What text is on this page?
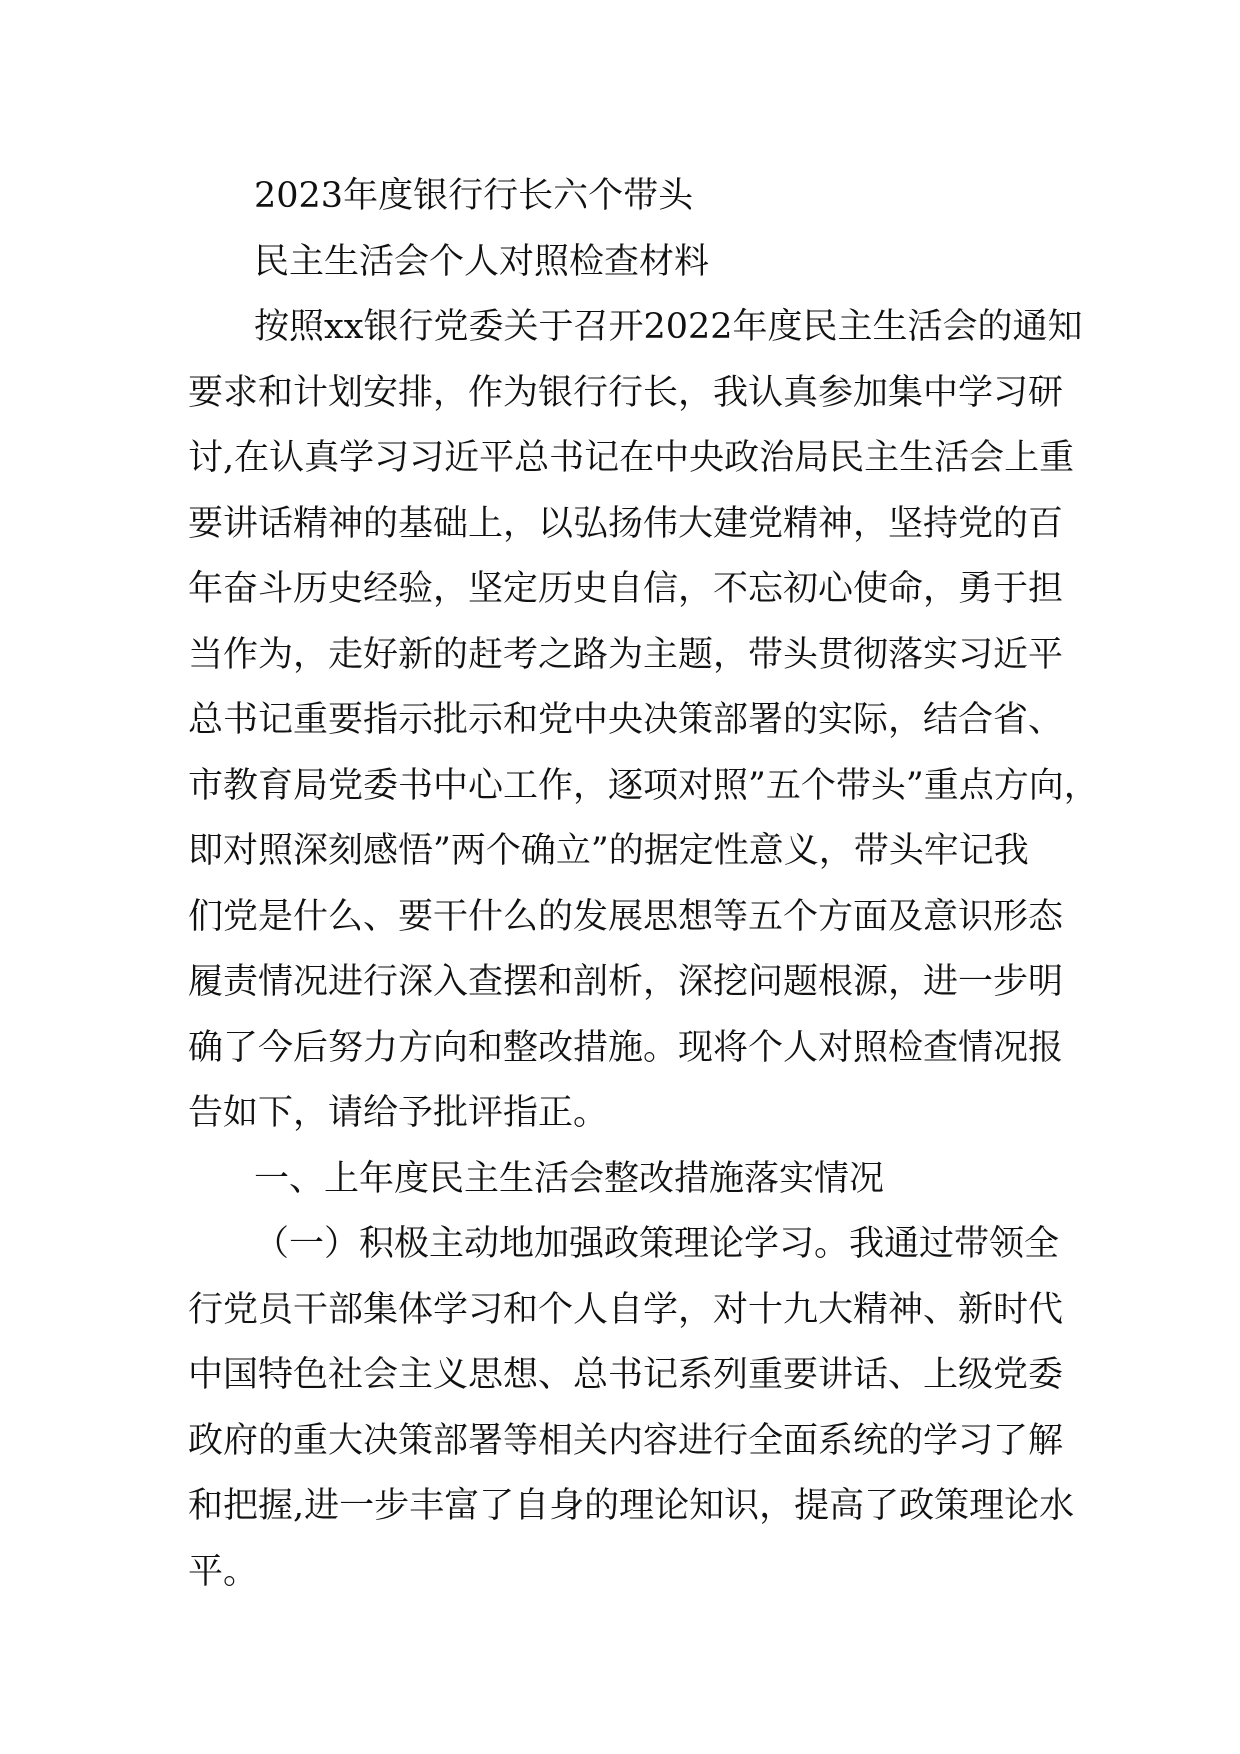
2023年度银行行长六个带头
民主生活会个人对照检查材料
按照xx银行党委关于召开2022年度民主生活会的通知
要求和计划安排，作为银行行长，我认真参加集中学习研
讨,在认真学习习近平总书记在中央政治局民主生活会上重
要讲话精神的基础上，以弘扬伟大建党精神，坚持党的百
年奋斗历史经验，坚定历史自信，不忘初心使命，勇于担
当作为，走好新的赶考之路为主题，带头贯彻落实习近平
总书记重要指示批示和党中央决策部署的实际，结合省、
市教育局党委书中心工作，逐项对照”五个带头”重点方向，
即对照深刻感悟”两个确立”的据定性意义，带头牢记我
们党是什么、要干什么的发展思想等五个方面及意识形态
履责情况进行深入查摆和剖析，深挖问题根源，进一步明
确了今后努力方向和整改措施。现将个人对照检查情况报
告如下，请给予批评指正。
一、上年度民主生活会整改措施落实情况
（一）积极主动地加强政策理论学习。我通过带领全
行党员干部集体学习和个人自学，对十九大精神、新时代
中国特色社会主义思想、总书记系列重要讲话、上级党委
政府的重大决策部署等相关内容进行全面系统的学习了解
和把握,进一步丰富了自身的理论知识，提高了政策理论水
平。
